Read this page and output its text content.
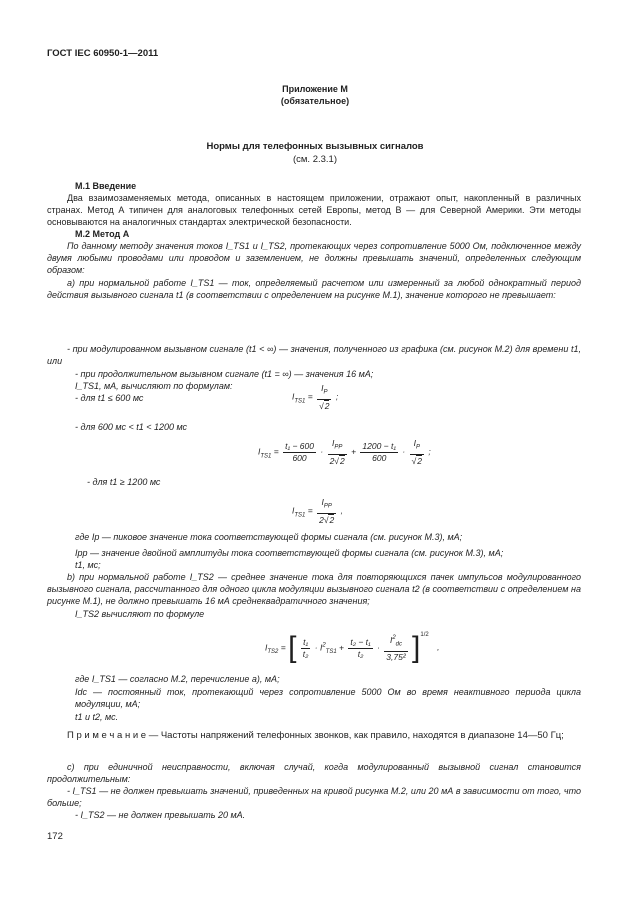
ГОСТ IEC 60950-1—2011
Приложение М
(обязательное)
Нормы для телефонных вызывных сигналов
(см. 2.3.1)
М.1 Введение
Два взаимозаменяемых метода, описанных в настоящем приложении, отражают опыт, накопленный в различных странах. Метод А типичен для аналоговых телефонных сетей Европы, метод В — для Северной Америки. Эти методы основываются на аналогичных стандартах электрической безопасности.
М.2 Метод А
По данному методу значения токов I_TS1 и I_TS2, протекающих через сопротивление 5000 Ом, подключенное между двумя любыми проводами или проводом и заземлением, не должны превышать значений, определенных следующим образом:
а) при нормальной работе I_TS1 — ток, определяемый расчетом или измеренный за любой однократный период действия вызывного сигнала t1 (в соответствии с определением на рисунке М.1), значение которого не превышает:
- при модулированном вызывном сигнале (t1 < ∞) — значения, полученного из графика (см. рисунок М.2) для времени t1, или
- при продолжительном вызывном сигнале (t1 = ∞) — значения 16 мА;
I_TS1, мА, вычисляют по формулам:
- для t1 ≤ 600 мс	$I_{TS1} = \frac{I_P}{√2}$ ;
- для 600 мс < t1 < 1200 мс
$I_{TS1} = \frac{\text{t₁ − 600}}{600} \cdot \frac{I_{PP}}{2√2} + \frac{\text{1200 − t₁}}{600} \cdot \frac{I_P}{√2}$ ;
- для t1 ≥ 1200 мс
$I_{TS1} = \frac{I_{PP}}{2√2}$ ,
где Ip — пиковое значение тока соответствующей формы сигнала (см. рисунок М.3), мА;
Ipp — значение двойной амплитуды тока соответствующей формы сигнала (см. рисунок М.3), мА;
t1, мс;
b) при нормальной работе I_TS2 — среднее значение тока для повторяющихся пачек импульсов модулированного вызывного сигнала, рассчитанного для одного цикла модуляции вызывного сигнала t2 (в соответствии с определением на рисунке М.1), не должно превышать 16 мА среднеквадратичного значения;
I_TS2 вычисляют по формуле
$I_{TS2}$ = [ $\frac{\text{t₁}}{\text{t₂}} \cdot I^2_{TS1} + \frac{\text{t₂ − t₁}}{\text{t₂}} \cdot \frac{I^2_{dc}}{\text{3,75²}} ]^{1/2}$ ,
где I_TS1 — согласно М.2, перечисление а), мА;
Idc — постоянный ток, протекающий через сопротивление 5000 Ом во время неактивного периода цикла модуляции, мА;
t1 и t2, мс.
П р и м е ч а н и е — Частоты напряжений телефонных звонков, как правило, находятся в диапазоне 14—50 Гц;
с) при единичной неисправности, включая случай, когда модулированный вызывной сигнал становится продолжительным:
- I_TS1 — не должен превышать значений, приведенных на кривой рисунка М.2, или 20 мА в зависимости от того, что больше;
- I_TS2 — не должен превышать 20 мА.
172
